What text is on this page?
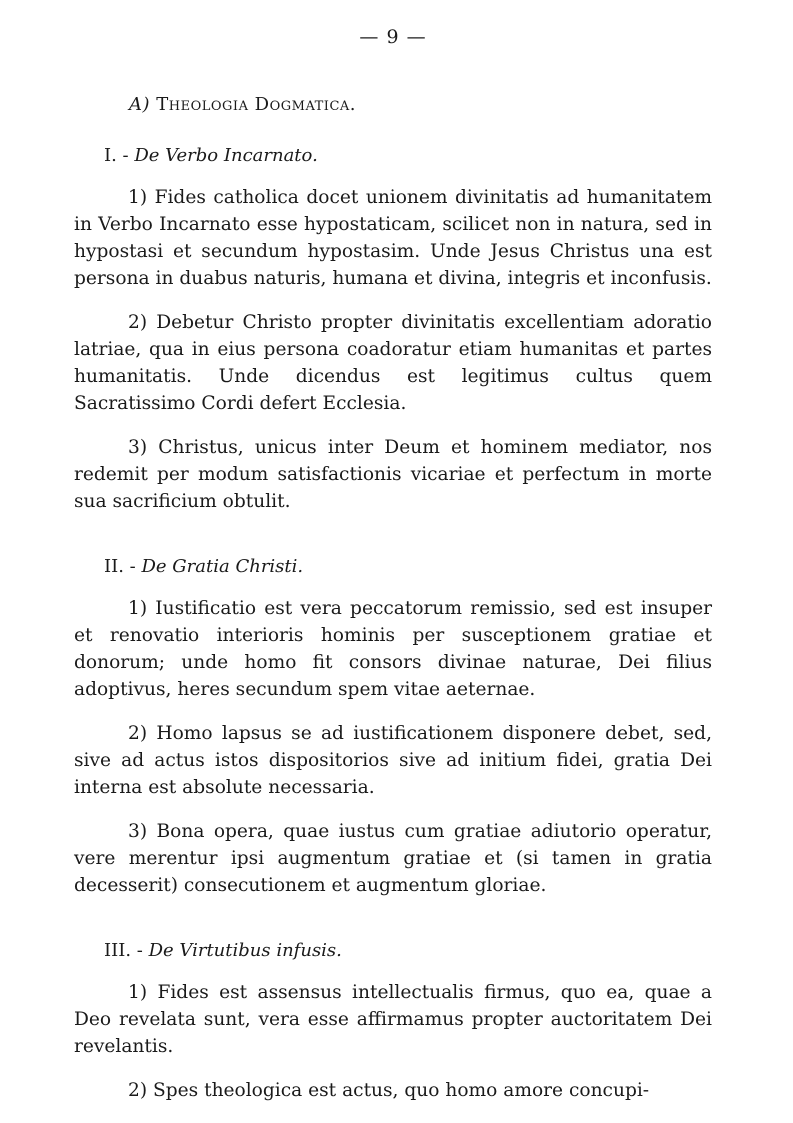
— 9 —
A) Theologia Dogmatica.
I. - De Verbo Incarnato.

1) Fides catholica docet unionem divinitatis ad humanitatem in Verbo Incarnato esse hypostaticam, scilicet non in natura, sed in hypostasi et secundum hypostasim. Unde Jesus Christus una est persona in duabus naturis, humana et divina, integris et inconfusis.

2) Debetur Christo propter divinitatis excellentiam adoratio latriae, qua in eius persona coadoratur etiam humanitas et partes humanitatis. Unde dicendus est legitimus cultus quem Sacratissimo Cordi defert Ecclesia.

3) Christus, unicus inter Deum et hominem mediator, nos redemit per modum satisfactionis vicariae et perfectum in morte sua sacrificium obtulit.

II. - De Gratia Christi.

1) Iustificatio est vera peccatorum remissio, sed est insuper et renovatio interioris hominis per susceptionem gratiae et donorum; unde homo fit consors divinae naturae, Dei filius adoptivus, heres secundum spem vitae aeternae.

2) Homo lapsus se ad iustificationem disponere debet, sed, sive ad actus istos dispositorios sive ad initium fidei, gratia Dei interna est absolute necessaria.

3) Bona opera, quae iustus cum gratiae adiutorio operatur, vere merentur ipsi augmentum gratiae et (si tamen in gratia decesserit) consecutionem et augmentum gloriae.

III. - De Virtutibus infusis.

1) Fides est assensus intellectualis firmus, quo ea, quae a Deo revelata sunt, vera esse affirmamus propter auctoritatem Dei revelantis.

2) Spes theologica est actus, quo homo amore concupi-
